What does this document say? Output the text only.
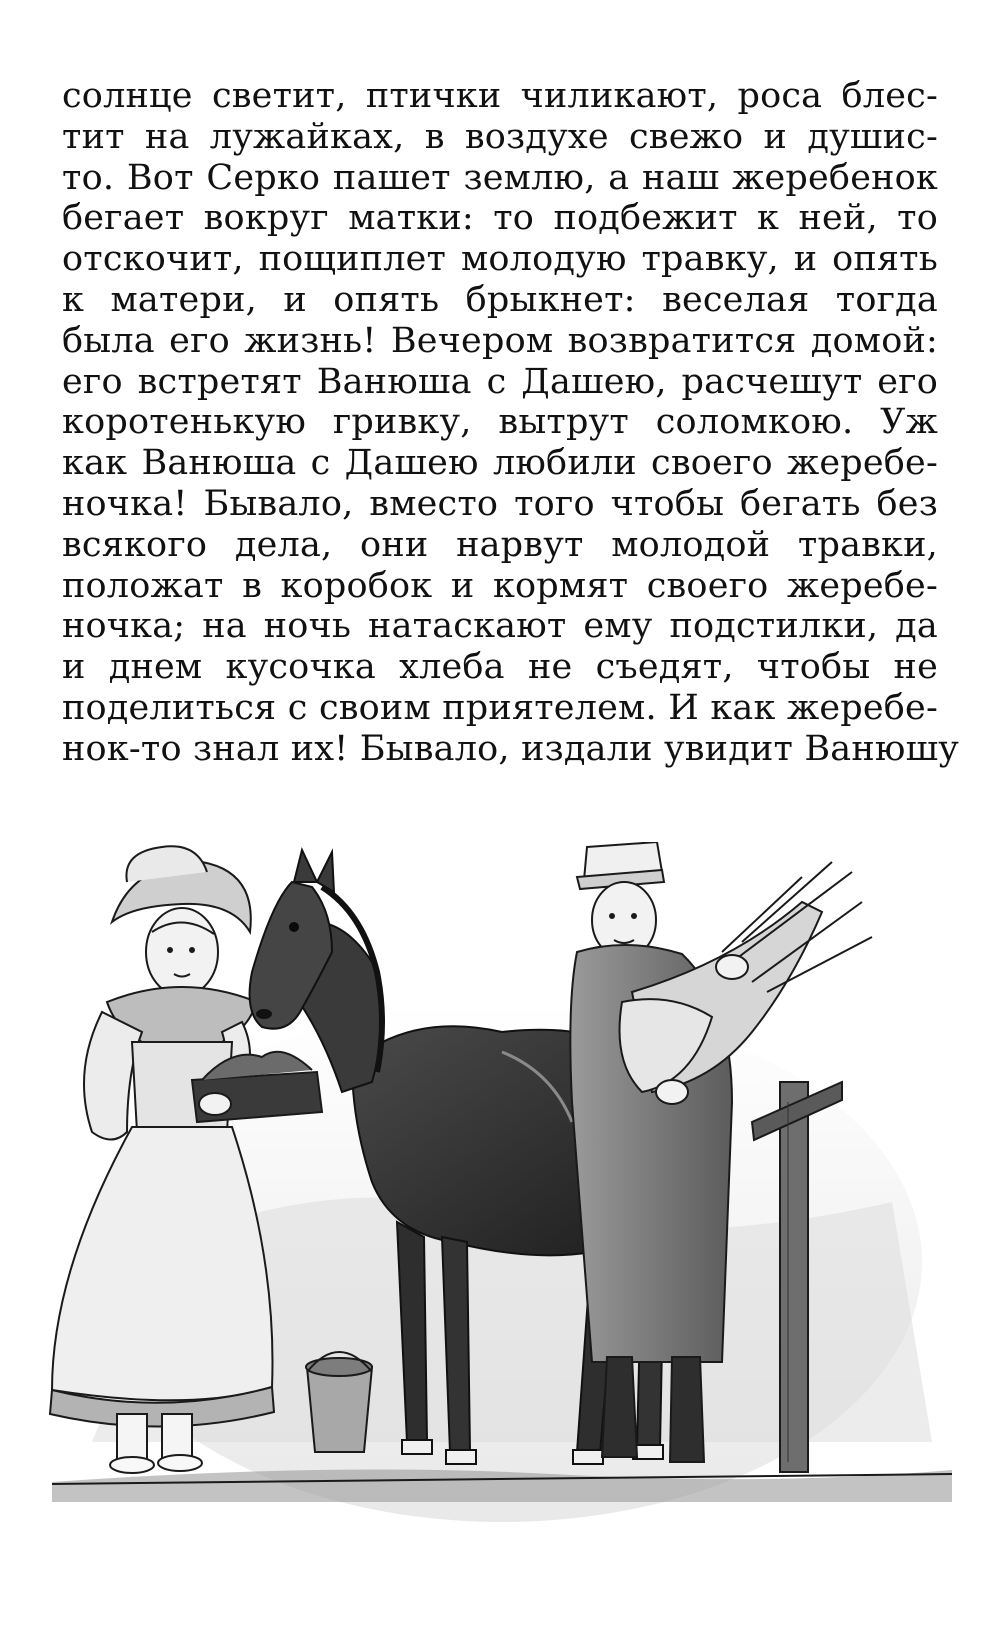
солнце светит, птички чиликают, роса блес-
тит на лужайках, в воздухе свежо и душис-
то. Вот Серко пашет землю, а наш жеребенок
бегает вокруг матки: то подбежит к ней, то
отскочит, пощиплет молодую травку, и опять
к матери, и опять брыкнет: веселая тогда
была его жизнь! Вечером возвратится домой:
его встретят Ванюша с Дашею, расчешут его
коротенькую гривку, вытрут соломкою. Уж
как Ванюша с Дашею любили своего жеребе-
ночка! Бывало, вместо того чтобы бегать без
всякого дела, они нарвут молодой травки,
положат в коробок и кормят своего жеребе-
ночка; на ночь натаскают ему подстилки, да
и днем кусочка хлеба не съедят, чтобы не
поделиться с своим приятелем. И как жеребе-
нок-то знал их! Бывало, издали увидит Ванюшу
